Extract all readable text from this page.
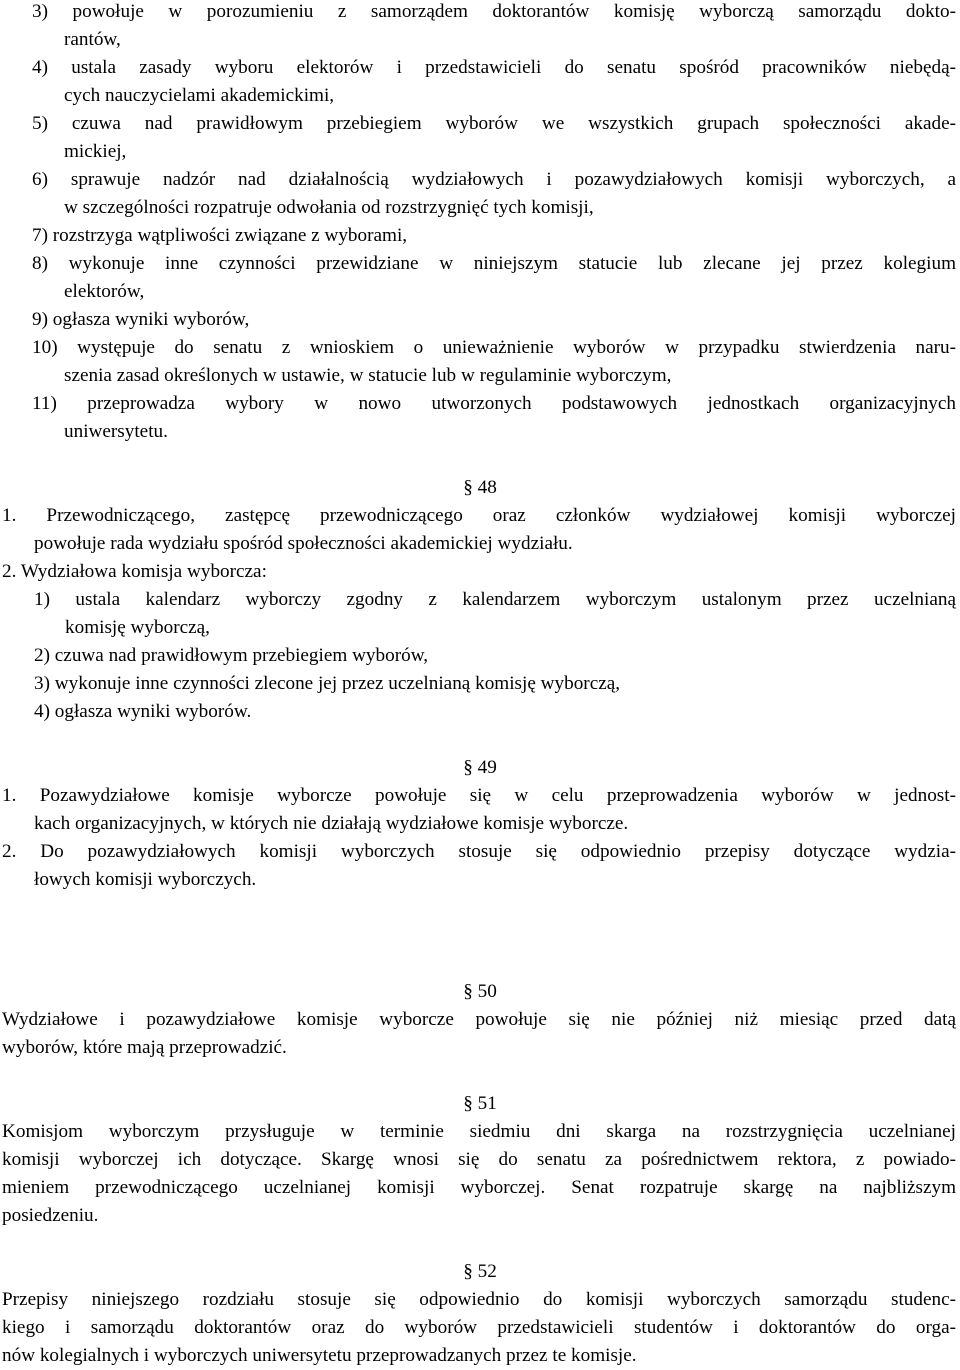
3) powołuje w porozumieniu z samorządem doktorantów komisję wyborczą samorządu dokto-
rantów,
4) ustala zasady wyboru elektorów i przedstawicieli do senatu spośród pracowników niebędą-
cych nauczycielami akademickimi,
5) czuwa nad prawidłowym przebiegiem wyborów we wszystkich grupach społeczności akade-
mickiej,
6) sprawuje nadzór nad działalnością wydziałowych i pozawydziałowych komisji wyborczych, a
w szczególności rozpatruje odwołania od rozstrzygnięć tych komisji,
7) rozstrzyga wątpliwości związane z wyborami,
8) wykonuje inne czynności przewidziane w niniejszym statucie lub zlecane jej przez kolegium
elektorów,
9) ogłasza wyniki wyborów,
10) występuje do senatu z wnioskiem o unieważnienie wyborów w przypadku stwierdzenia naru-
szenia zasad określonych w ustawie, w statucie lub w regulaminie wyborczym,
11) przeprowadza wybory w nowo utworzonych podstawowych jednostkach organizacyjnych
uniwersytetu.
§ 48
1. Przewodniczącego, zastępcę przewodniczącego oraz członków wydziałowej komisji wyborczej
powołuje rada wydziału spośród społeczności akademickiej wydziału.
2. Wydziałowa komisja wyborcza:
1) ustala kalendarz wyborczy zgodny z kalendarzem wyborczym ustalonym przez uczelnianą
komisję wyborczą,
2) czuwa nad prawidłowym przebiegiem wyborów,
3) wykonuje inne czynności zlecone jej przez uczelnianą komisję wyborczą,
4) ogłasza wyniki wyborów.
§ 49
1. Pozawydziałowe komisje wyborcze powołuje się w celu przeprowadzenia wyborów w jednost-
kach organizacyjnych, w których nie działają wydziałowe komisje wyborcze.
2. Do pozawydziałowych komisji wyborczych stosuje się odpowiednio przepisy dotyczące wydzia-
łowych komisji wyborczych.
§ 50
Wydziałowe i pozawydziałowe komisje wyborcze powołuje się nie później niż miesiąc przed datą
wyborów, które mają przeprowadzić.
§ 51
Komisjom wyborczym przysługuje w terminie siedmiu dni skarga na rozstrzygnięcia uczelnianej
komisji wyborczej ich dotyczące. Skargę wnosi się do senatu za pośrednictwem rektora, z powiado-
mieniem przewodniczącego uczelnianej komisji wyborczej. Senat rozpatruje skargę na najbliższym
posiedzeniu.
§ 52
Przepisy niniejszego rozdziału stosuje się odpowiednio do komisji wyborczych samorządu studenc-
kiego i samorządu doktorantów oraz do wyborów przedstawicieli studentów i doktorantów do orga-
nów kolegialnych i wyborczych uniwersytetu przeprowadzanych przez te komisje.
